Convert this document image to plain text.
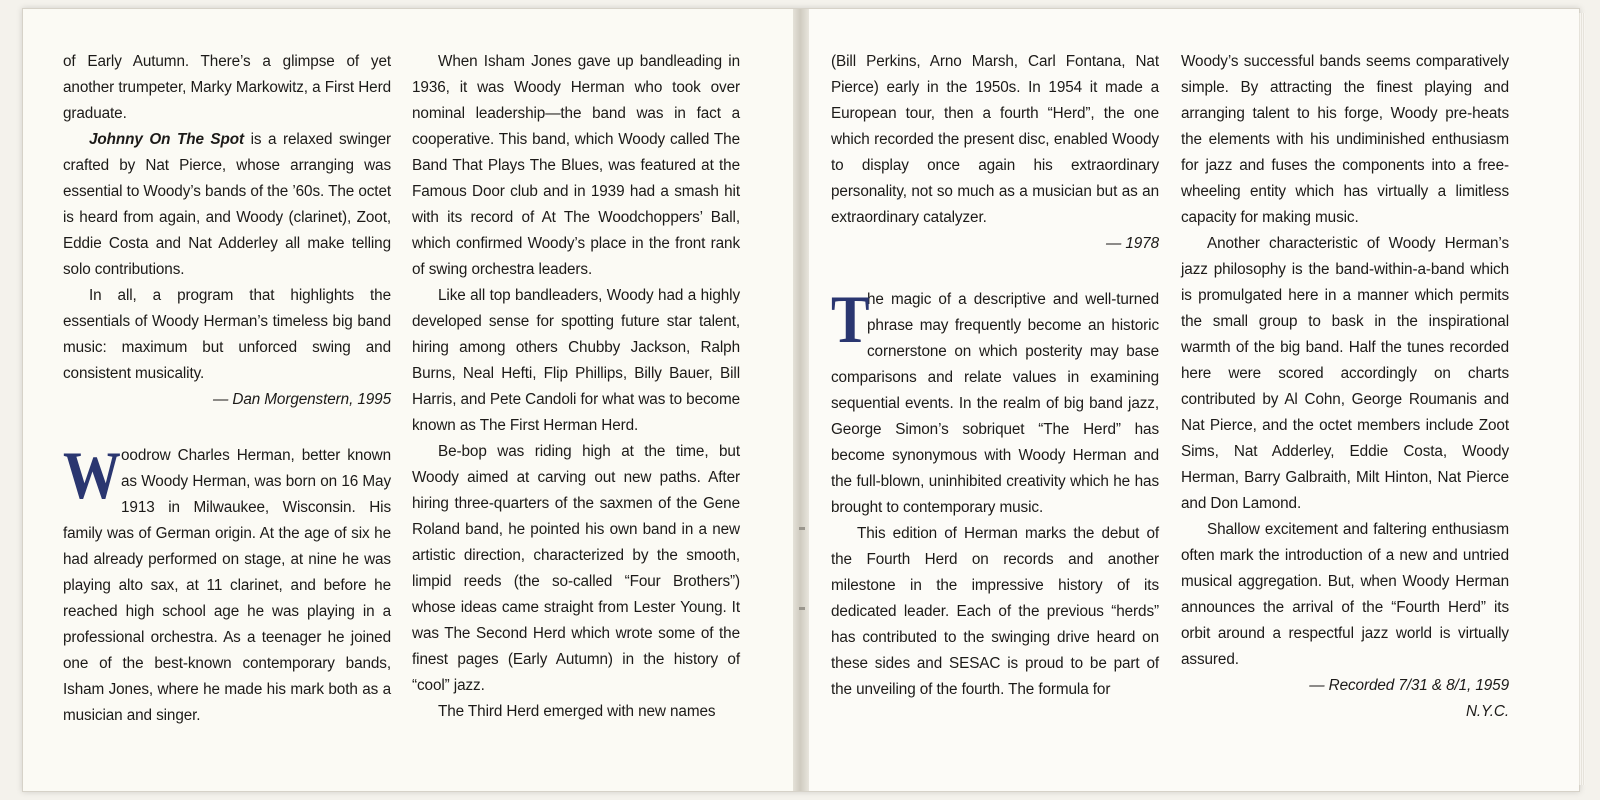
of Early Autumn. There’s a glimpse of yet another trumpeter, Marky Markowitz, a First Herd graduate.

Johnny On The Spot is a relaxed swinger crafted by Nat Pierce, whose arranging was essential to Woody’s bands of the ’60s. The octet is heard from again, and Woody (clarinet), Zoot, Eddie Costa and Nat Adderley all make telling solo contributions.

In all, a program that highlights the essentials of Woody Herman’s timeless big band music: maximum but unforced swing and consistent musicality.

— Dan Morgenstern, 1995

Woodrow Charles Herman, better known as Woody Herman, was born on 16 May 1913 in Milwaukee, Wisconsin. His family was of German origin. At the age of six he had already performed on stage, at nine he was playing alto sax, at 11 clarinet, and before he reached high school age he was playing in a professional orchestra. As a teenager he joined one of the best-known contemporary bands, Isham Jones, where he made his mark both as a musician and singer.

When Isham Jones gave up bandleading in 1936, it was Woody Herman who took over nominal leadership—the band was in fact a cooperative. This band, which Woody called The Band That Plays The Blues, was featured at the Famous Door club and in 1939 had a smash hit with its record of At The Woodchoppers’ Ball, which confirmed Woody’s place in the front rank of swing orchestra leaders.

Like all top bandleaders, Woody had a highly developed sense for spotting future star talent, hiring among others Chubby Jackson, Ralph Burns, Neal Hefti, Flip Phillips, Billy Bauer, Bill Harris, and Pete Candoli for what was to become known as The First Herman Herd.

Be-bop was riding high at the time, but Woody aimed at carving out new paths. After hiring three-quarters of the saxmen of the Gene Roland band, he pointed his own band in a new artistic direction, characterized by the smooth, limpid reeds (the so-called “Four Brothers”) whose ideas came straight from Lester Young. It was The Second Herd which wrote some of the finest pages (Early Autumn) in the history of “cool” jazz.

The Third Herd emerged with new names

(Bill Perkins, Arno Marsh, Carl Fontana, Nat Pierce) early in the 1950s. In 1954 it made a European tour, then a fourth “Herd”, the one which recorded the present disc, enabled Woody to display once again his extraordinary personality, not so much as a musician but as an extraordinary catalyzer.

— 1978

T
he magic of a descriptive and well-turned phrase may frequently become an historic cornerstone on which posterity may base comparisons and relate values in examining sequential events. In the realm of big band jazz, George Simon’s sobriquet “The Herd” has become synonymous with Woody Herman and the full-blown, uninhibited creativity which he has brought to contemporary music.

This edition of Herman marks the debut of the Fourth Herd on records and another milestone in the impressive history of its dedicated leader. Each of the previous “herds” has contributed to the swinging drive heard on these sides and SESAC is proud to be part of the unveiling of the fourth. The formula for

Woody’s successful bands seems comparatively simple. By attracting the finest playing and arranging talent to his forge, Woody pre-heats the elements with his undiminished enthusiasm for jazz and fuses the components into a free-wheeling entity which has virtually a limitless capacity for making music.

Another characteristic of Woody Herman’s jazz philosophy is the band-within-a-band which is promulgated here in a manner which permits the small group to bask in the inspirational warmth of the big band. Half the tunes recorded here were scored accordingly on charts contributed by Al Cohn, George Roumanis and Nat Pierce, and the octet members include Zoot Sims, Nat Adderley, Eddie Costa, Woody Herman, Barry Galbraith, Milt Hinton, Nat Pierce and Don Lamond.

Shallow excitement and faltering enthusiasm often mark the introduction of a new and untried musical aggregation. But, when Woody Herman announces the arrival of the “Fourth Herd” its orbit around a respectful jazz world is virtually assured.

— Recorded 7/31 & 8/1, 1959

N.Y.C.
